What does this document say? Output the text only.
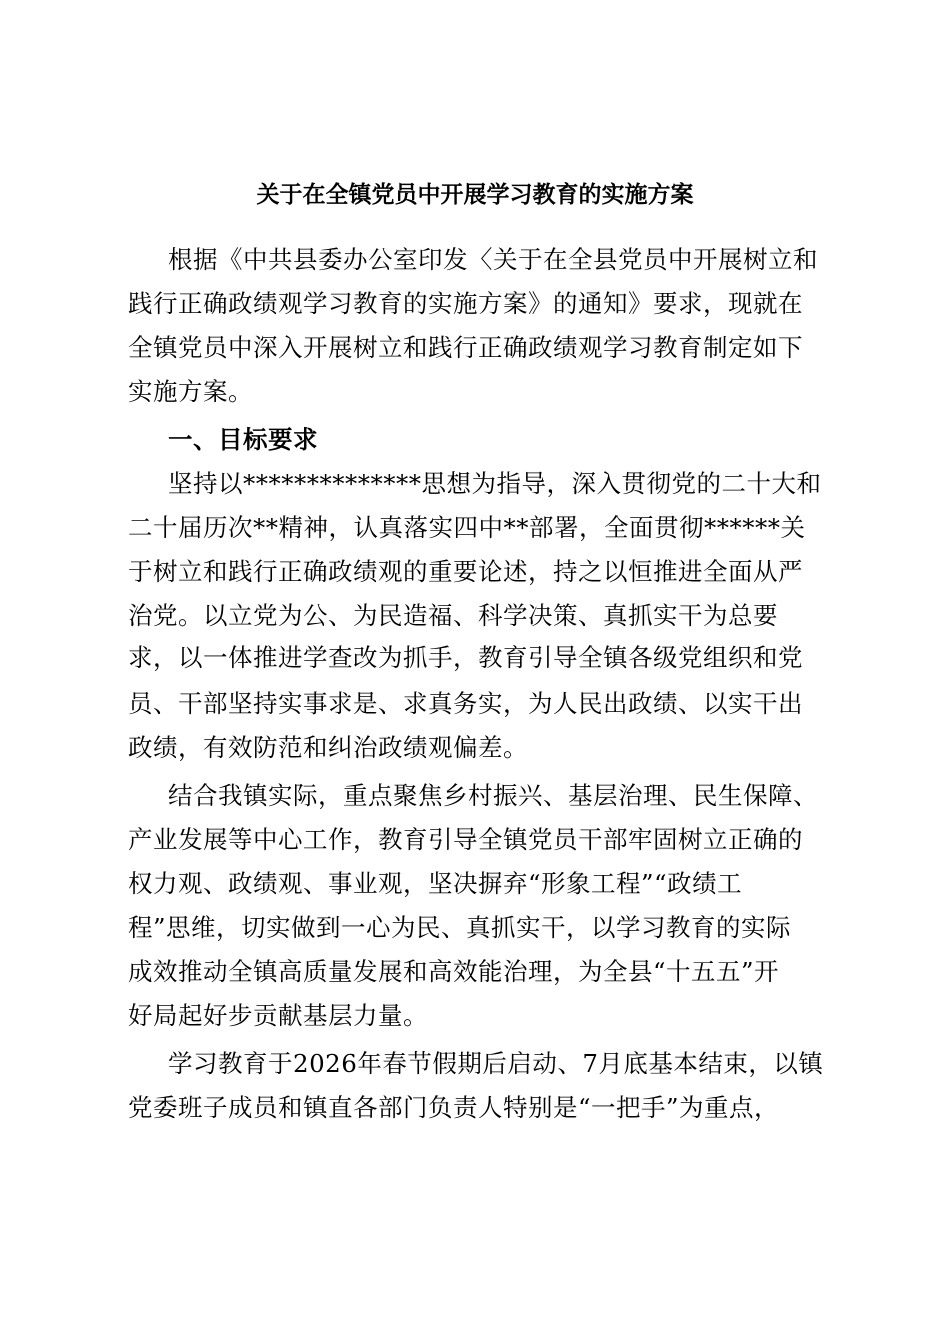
关于在全镇党员中开展学习教育的实施方案
根据《中共县委办公室印发〈关于在全县党员中开展树立和
践行正确政绩观学习教育的实施方案》的通知》要求，现就在
全镇党员中深入开展树立和践行正确政绩观学习教育制定如下
实施方案。
一、目标要求
坚持以**************思想为指导，深入贯彻党的二十大和
二十届历次**精神，认真落实四中**部署，全面贯彻******关
于树立和践行正确政绩观的重要论述，持之以恒推进全面从严
治党。以立党为公、为民造福、科学决策、真抓实干为总要
求，以一体推进学查改为抓手，教育引导全镇各级党组织和党
员、干部坚持实事求是、求真务实，为人民出政绩、以实干出
政绩，有效防范和纠治政绩观偏差。
结合我镇实际，重点聚焦乡村振兴、基层治理、民生保障、
产业发展等中心工作，教育引导全镇党员干部牢固树立正确的
权力观、政绩观、事业观，坚决摒弃“形象工程”“政绩工
程”思维，切实做到一心为民、真抓实干，以学习教育的实际
成效推动全镇高质量发展和高效能治理，为全县“十五五”开
好局起好步贡献基层力量。
学习教育于2026年春节假期后启动、7月底基本结束，以镇
党委班子成员和镇直各部门负责人特别是“一把手”为重点，
